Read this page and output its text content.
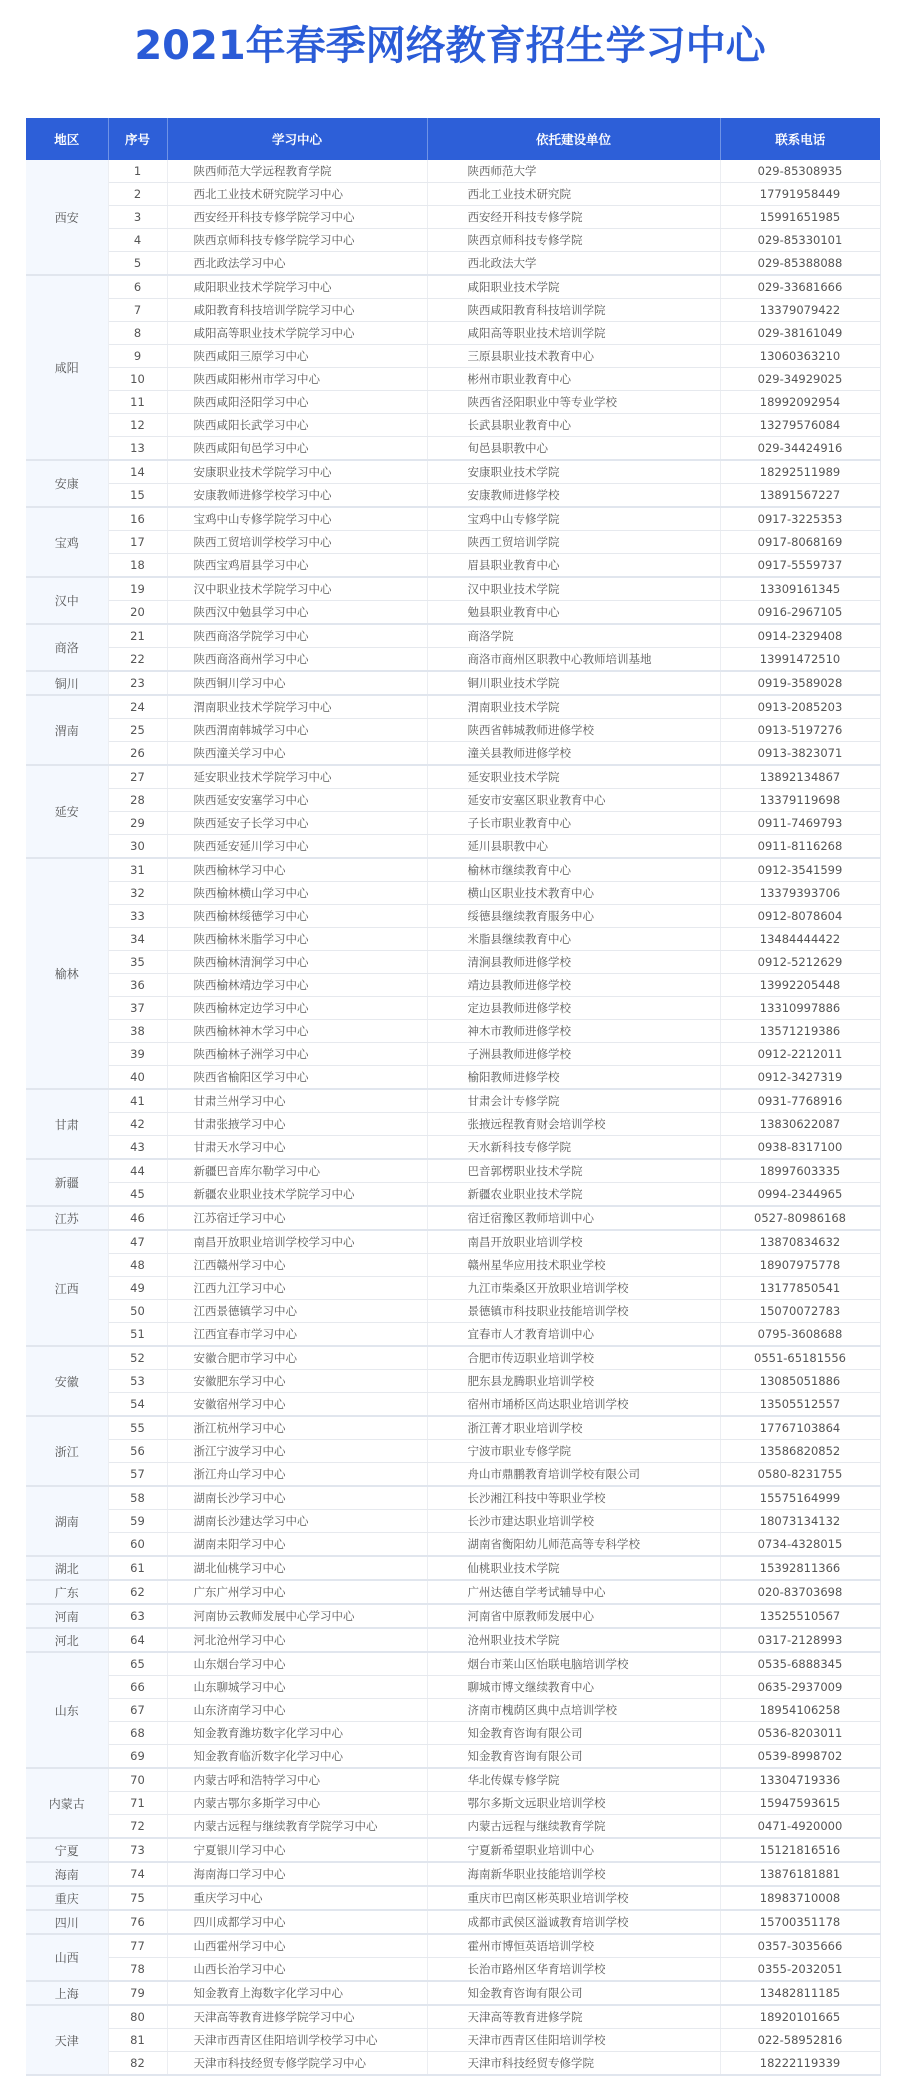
2021年春季网络教育招生学习中心
地区	序号	学习中心	依托建设单位	联系电话
西安	1	陕西师范大学远程教育学院	陕西师范大学	029-85308935
2	西北工业技术研究院学习中心	西北工业技术研究院	17791958449
3	西安经开科技专修学院学习中心	西安经开科技专修学院	15991651985
4	陕西京师科技专修学院学习中心	陕西京师科技专修学院	029-85330101
5	西北政法学习中心	西北政法大学	029-85388088
咸阳	6	咸阳职业技术学院学习中心	咸阳职业技术学院	029-33681666
7	咸阳教育科技培训学院学习中心	陕西咸阳教育科技培训学院	13379079422
8	咸阳高等职业技术学院学习中心	咸阳高等职业技术培训学院	029-38161049
9	陕西咸阳三原学习中心	三原县职业技术教育中心	13060363210
10	陕西咸阳彬州市学习中心	彬州市职业教育中心	029-34929025
11	陕西咸阳泾阳学习中心	陕西省泾阳职业中等专业学校	18992092954
12	陕西咸阳长武学习中心	长武县职业教育中心	13279576084
13	陕西咸阳旬邑学习中心	旬邑县职教中心	029-34424916
安康	14	安康职业技术学院学习中心	安康职业技术学院	18292511989
15	安康教师进修学校学习中心	安康教师进修学校	13891567227
宝鸡	16	宝鸡中山专修学院学习中心	宝鸡中山专修学院	0917-3225353
17	陕西工贸培训学校学习中心	陕西工贸培训学院	0917-8068169
18	陕西宝鸡眉县学习中心	眉县职业教育中心	0917-5559737
汉中	19	汉中职业技术学院学习中心	汉中职业技术学院	13309161345
20	陕西汉中勉县学习中心	勉县职业教育中心	0916-2967105
商洛	21	陕西商洛学院学习中心	商洛学院	0914-2329408
22	陕西商洛商州学习中心	商洛市商州区职教中心教师培训基地	13991472510
铜川	23	陕西铜川学习中心	铜川职业技术学院	0919-3589028
渭南	24	渭南职业技术学院学习中心	渭南职业技术学院	0913-2085203
25	陕西渭南韩城学习中心	陕西省韩城教师进修学校	0913-5197276
26	陕西潼关学习中心	潼关县教师进修学校	0913-3823071
延安	27	延安职业技术学院学习中心	延安职业技术学院	13892134867
28	陕西延安安塞学习中心	延安市安塞区职业教育中心	13379119698
29	陕西延安子长学习中心	子长市职业教育中心	0911-7469793
30	陕西延安延川学习中心	延川县职教中心	0911-8116268
榆林	31	陕西榆林学习中心	榆林市继续教育中心	0912-3541599
32	陕西榆林横山学习中心	横山区职业技术教育中心	13379393706
33	陕西榆林绥德学习中心	绥德县继续教育服务中心	0912-8078604
34	陕西榆林米脂学习中心	米脂县继续教育中心	13484444422
35	陕西榆林清涧学习中心	清涧县教师进修学校	0912-5212629
36	陕西榆林靖边学习中心	靖边县教师进修学校	13992205448
37	陕西榆林定边学习中心	定边县教师进修学校	13310997886
38	陕西榆林神木学习中心	神木市教师进修学校	13571219386
39	陕西榆林子洲学习中心	子洲县教师进修学校	0912-2212011
40	陕西省榆阳区学习中心	榆阳教师进修学校	0912-3427319
甘肃	41	甘肃兰州学习中心	甘肃会计专修学院	0931-7768916
42	甘肃张掖学习中心	张掖远程教育财会培训学校	13830622087
43	甘肃天水学习中心	天水新科技专修学院	0938-8317100
新疆	44	新疆巴音库尔勒学习中心	巴音郭楞职业技术学院	18997603335
45	新疆农业职业技术学院学习中心	新疆农业职业技术学院	0994-2344965
江苏	46	江苏宿迁学习中心	宿迁宿豫区教师培训中心	0527-80986168
江西	47	南昌开放职业培训学校学习中心	南昌开放职业培训学校	13870834632
48	江西赣州学习中心	赣州星华应用技术职业学校	18907975778
49	江西九江学习中心	九江市柴桑区开放职业培训学校	13177850541
50	江西景德镇学习中心	景德镇市科技职业技能培训学校	15070072783
51	江西宜春市学习中心	宜春市人才教育培训中心	0795-3608688
安徽	52	安徽合肥市学习中心	合肥市传迈职业培训学校	0551-65181556
53	安徽肥东学习中心	肥东县龙腾职业培训学校	13085051886
54	安徽宿州学习中心	宿州市埇桥区尚达职业培训学校	13505512557
浙江	55	浙江杭州学习中心	浙江菁才职业培训学校	17767103864
56	浙江宁波学习中心	宁波市职业专修学院	13586820852
57	浙江舟山学习中心	舟山市鼎鹏教育培训学校有限公司	0580-8231755
湖南	58	湖南长沙学习中心	长沙湘江科技中等职业学校	15575164999
59	湖南长沙建达学习中心	长沙市建达职业培训学校	18073134132
60	湖南耒阳学习中心	湖南省衡阳幼儿师范高等专科学校	0734-4328015
湖北	61	湖北仙桃学习中心	仙桃职业技术学院	15392811366
广东	62	广东广州学习中心	广州达德自学考试辅导中心	020-83703698
河南	63	河南协云教师发展中心学习中心	河南省中原教师发展中心	13525510567
河北	64	河北沧州学习中心	沧州职业技术学院	0317-2128993
山东	65	山东烟台学习中心	烟台市莱山区怡联电脑培训学校	0535-6888345
66	山东聊城学习中心	聊城市博文继续教育中心	0635-2937009
67	山东济南学习中心	济南市槐荫区典中点培训学校	18954106258
68	知金教育潍坊数字化学习中心	知金教育咨询有限公司	0536-8203011
69	知金教育临沂数字化学习中心	知金教育咨询有限公司	0539-8998702
内蒙古	70	内蒙古呼和浩特学习中心	华北传媒专修学院	13304719336
71	内蒙古鄂尔多斯学习中心	鄂尔多斯文远职业培训学校	15947593615
72	内蒙古远程与继续教育学院学习中心	内蒙古远程与继续教育学院	0471-4920000
宁夏	73	宁夏银川学习中心	宁夏新希望职业培训中心	15121816516
海南	74	海南海口学习中心	海南新华职业技能培训学校	13876181881
重庆	75	重庆学习中心	重庆市巴南区彬英职业培训学校	18983710008
四川	76	四川成都学习中心	成都市武侯区溢诚教育培训学校	15700351178
山西	77	山西霍州学习中心	霍州市博恒英语培训学校	0357-3035666
78	山西长治学习中心	长治市路州区华育培训学校	0355-2032051
上海	79	知金教育上海数字化学习中心	知金教育咨询有限公司	13482811185
天津	80	天津高等教育进修学院学习中心	天津高等教育进修学院	18920101665
81	天津市西青区佳阳培训学校学习中心	天津市西青区佳阳培训学校	022-58952816
82	天津市科技经贸专修学院学习中心	天津市科技经贸专修学院	18222119339
